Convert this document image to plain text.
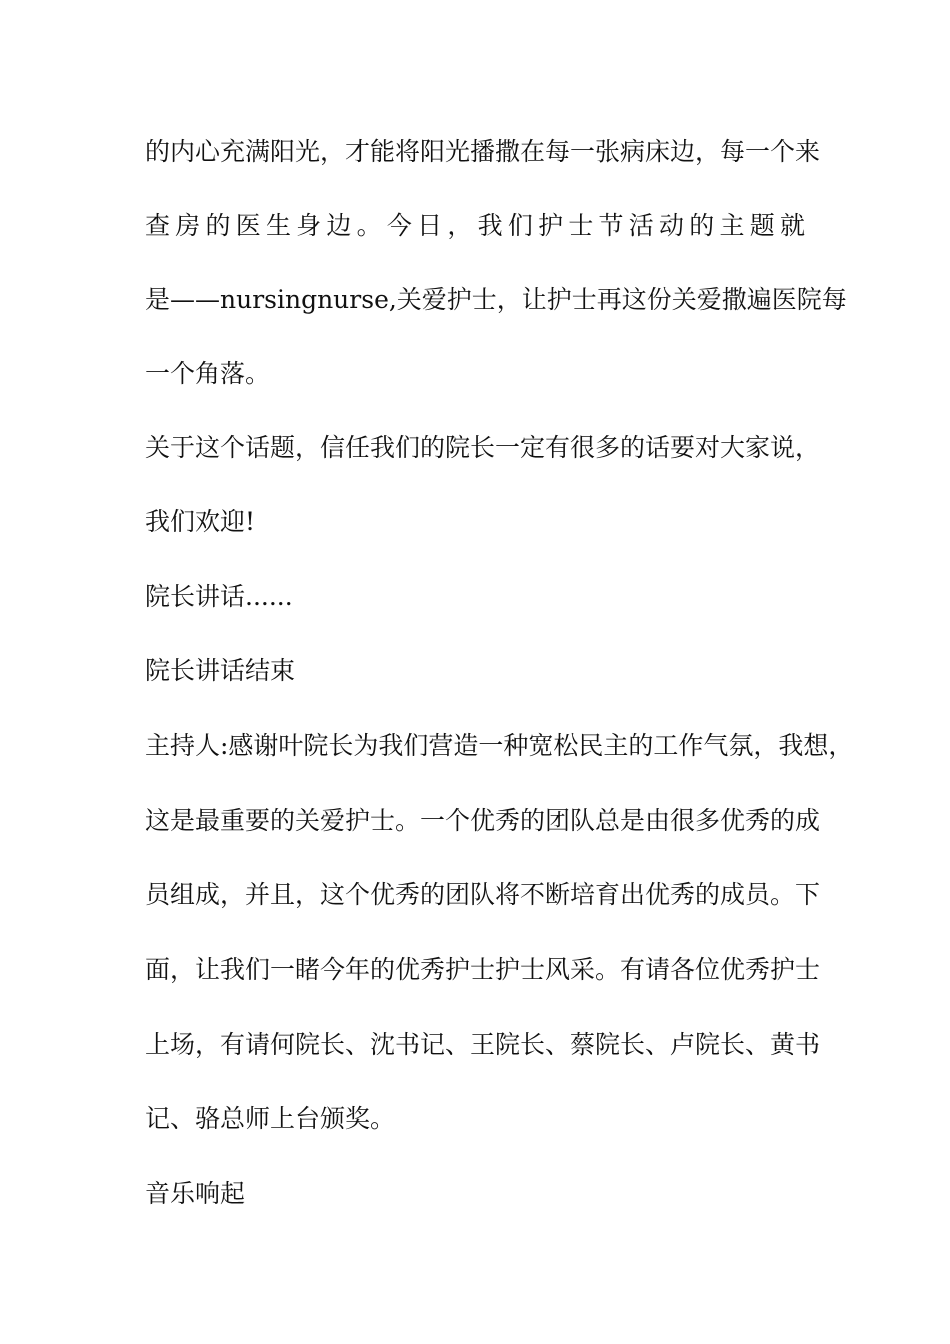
的内心充满阳光，才能将阳光播撒在每一张病床边，每一个来
查房的医生身边。今日，我们护士节活动的主题就
是——nursingnurse,关爱护士，让护士再这份关爱撒遍医院每
一个角落。
关于这个话题，信任我们的院长一定有很多的话要对大家说，
我们欢迎!
院长讲话......
院长讲话结束
主持人:感谢叶院长为我们营造一种宽松民主的工作气氛，我想，
这是最重要的关爱护士。一个优秀的团队总是由很多优秀的成
员组成，并且，这个优秀的团队将不断培育出优秀的成员。下
面，让我们一睹今年的优秀护士护士风采。有请各位优秀护士
上场，有请何院长、沈书记、王院长、蔡院长、卢院长、黄书
记、骆总师上台颁奖。
音乐响起
